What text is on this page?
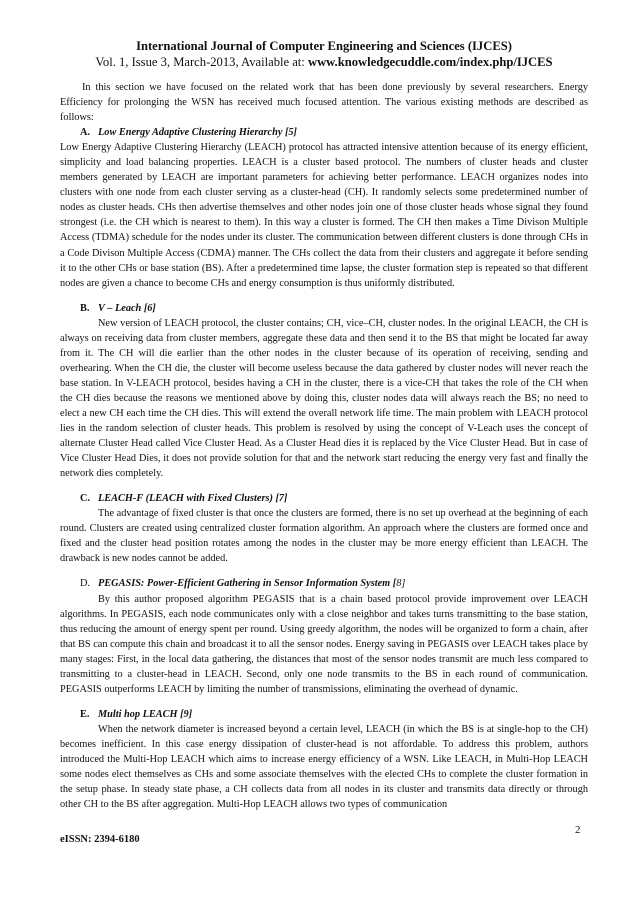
International Journal of Computer Engineering and Sciences (IJCES)

Vol. 1, Issue 3, March-2013, Available at: www.knowledgecuddle.com/index.php/IJCES

In this section we have focused on the related work that has been done previously by several researchers. Energy Efficiency for prolonging the WSN has received much focused attention. The various existing methods are described as follows:

A. Low Energy Adaptive Clustering Hierarchy [5]

Low Energy Adaptive Clustering Hierarchy (LEACH) protocol has attracted intensive attention because of its energy efficient, simplicity and load balancing properties. LEACH is a cluster based protocol. The numbers of cluster heads and cluster members generated by LEACH are important parameters for achieving better performance. LEACH organizes nodes into clusters with one node from each cluster serving as a cluster-head (CH). It randomly selects some predetermined number of nodes as cluster heads. CHs then advertise themselves and other nodes join one of those cluster heads whose signal they found strongest (i.e. the CH which is nearest to them). In this way a cluster is formed. The CH then makes a Time Divison Multiple Access (TDMA) schedule for the nodes under its cluster. The communication between different clusters is done through CHs in a Code Divison Multiple Access (CDMA) manner. The CHs collect the data from their clusters and aggregate it before sending it to the other CHs or base station (BS). After a predetermined time lapse, the cluster formation step is repeated so that different nodes are given a chance to become CHs and energy consumption is thus uniformly distributed.

B. V – Leach [6]

New version of LEACH protocol, the cluster contains; CH, vice–CH, cluster nodes. In the original LEACH, the CH is always on receiving data from cluster members, aggregate these data and then send it to the BS that might be located far away from it. The CH will die earlier than the other nodes in the cluster because of its operation of receiving, sending and overhearing. When the CH die, the cluster will become useless because the data gathered by cluster nodes will never reach the base station. In V-LEACH protocol, besides having a CH in the cluster, there is a vice-CH that takes the role of the CH when the CH dies because the reasons we mentioned above by doing this, cluster nodes data will always reach the BS; no need to elect a new CH each time the CH dies. This will extend the overall network life time. The main problem with LEACH protocol lies in the random selection of cluster heads. This problem is resolved by using the concept of V-Leach uses the concept of alternate Cluster Head called Vice Cluster Head. As a Cluster Head dies it is replaced by the Vice Cluster Head. But in case of Vice Cluster Head Dies, it does not provide solution for that and the network start reducing the energy very fast and finally the network dies completely.

C. LEACH-F (LEACH with Fixed Clusters) [7]

The advantage of fixed cluster is that once the clusters are formed, there is no set up overhead at the beginning of each round. Clusters are created using centralized cluster formation algorithm. An approach where the clusters are formed once and fixed and the cluster head position rotates among the nodes in the cluster may be more energy efficient than LEACH. The drawback is new nodes cannot be added.

D. PEGASIS: Power-Efficient Gathering in Sensor Information System [8]

By this author proposed algorithm PEGASIS that is a chain based protocol provide improvement over LEACH algorithms. In PEGASIS, each node communicates only with a close neighbor and takes turns transmitting to the base station, thus reducing the amount of energy spent per round. Using greedy algorithm, the nodes will be organized to form a chain, after that BS can compute this chain and broadcast it to all the sensor nodes. Energy saving in PEGASIS over LEACH takes place by many stages: First, in the local data gathering, the distances that most of the sensor nodes transmit are much less compared to transmitting to a cluster-head in LEACH. Second, only one node transmits to the BS in each round of communication. PEGASIS outperforms LEACH by limiting the number of transmissions, eliminating the overhead of dynamic.

E. Multi hop LEACH [9]

When the network diameter is increased beyond a certain level, LEACH (in which the BS is at single-hop to the CH) becomes inefficient. In this case energy dissipation of cluster-head is not affordable. To address this problem, authors introduced the Multi-Hop LEACH which aims to increase energy efficiency of a WSN. Like LEACH, in Multi-Hop LEACH some nodes elect themselves as CHs and some associate themselves with the elected CHs to complete the cluster formation in the setup phase. In steady state phase, a CH collects data from all nodes in its cluster and transmits data directly or through other CH to the BS after aggregation. Multi-Hop LEACH allows two types of communication

2
eISSN: 2394-6180
